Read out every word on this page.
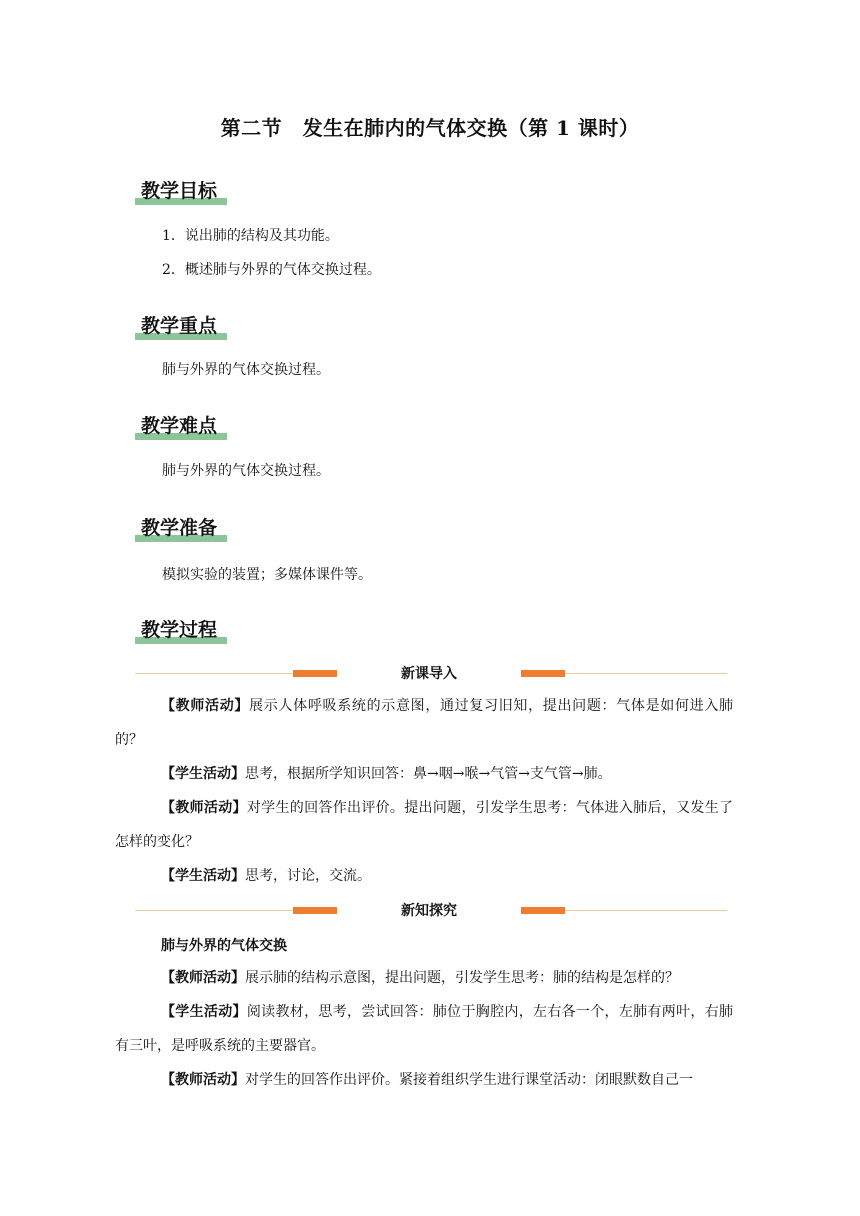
第二节　发生在肺内的气体交换（第 1 课时）
教学目标
1．说出肺的结构及其功能。
2．概述肺与外界的气体交换过程。
教学重点
肺与外界的气体交换过程。
教学难点
肺与外界的气体交换过程。
教学准备
模拟实验的装置；多媒体课件等。
教学过程
新课导入
【教师活动】展示人体呼吸系统的示意图，通过复习旧知，提出问题：气体是如何进入肺的？
【学生活动】思考，根据所学知识回答：鼻→咽→喉→气管→支气管→肺。
【教师活动】对学生的回答作出评价。提出问题，引发学生思考：气体进入肺后，又发生了怎样的变化？
【学生活动】思考，讨论，交流。
新知探究
肺与外界的气体交换
【教师活动】展示肺的结构示意图，提出问题，引发学生思考：肺的结构是怎样的？
【学生活动】阅读教材，思考，尝试回答：肺位于胸腔内，左右各一个，左肺有两叶，右肺有三叶，是呼吸系统的主要器官。
【教师活动】对学生的回答作出评价。紧接着组织学生进行课堂活动：闭眼默数自己一
